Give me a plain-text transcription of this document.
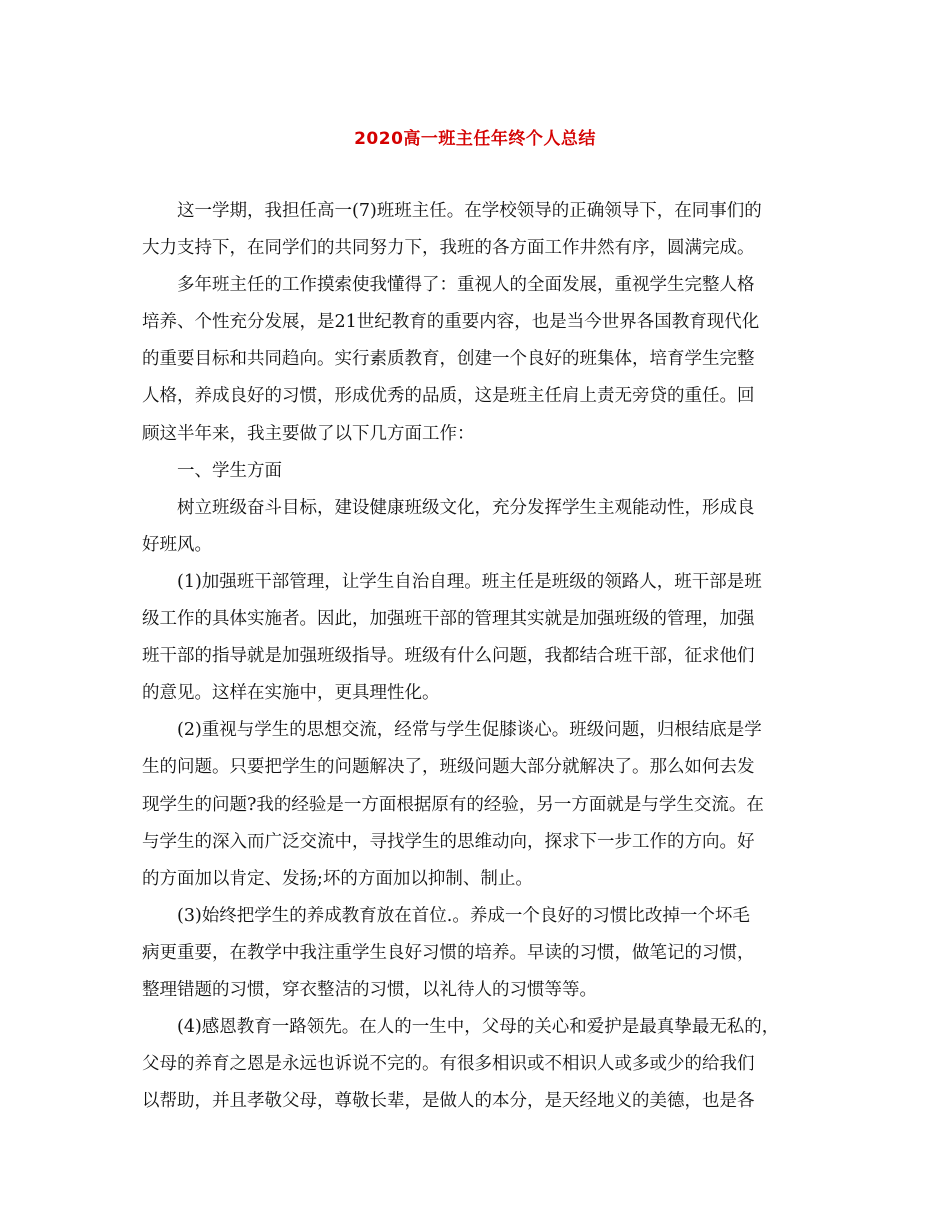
2020高一班主任年终个人总结
这一学期，我担任高一(7)班班主任。在学校领导的正确领导下，在同事们的
大力支持下，在同学们的共同努力下，我班的各方面工作井然有序，圆满完成。
多年班主任的工作摸索使我懂得了：重视人的全面发展，重视学生完整人格
培养、个性充分发展，是21世纪教育的重要内容，也是当今世界各国教育现代化
的重要目标和共同趋向。实行素质教育，创建一个良好的班集体，培育学生完整
人格，养成良好的习惯，形成优秀的品质，这是班主任肩上责无旁贷的重任。回
顾这半年来，我主要做了以下几方面工作：
一、学生方面
树立班级奋斗目标，建设健康班级文化，充分发挥学生主观能动性，形成良
好班风。
(1)加强班干部管理，让学生自治自理。班主任是班级的领路人，班干部是班
级工作的具体实施者。因此，加强班干部的管理其实就是加强班级的管理，加强
班干部的指导就是加强班级指导。班级有什么问题，我都结合班干部，征求他们
的意见。这样在实施中，更具理性化。
(2)重视与学生的思想交流，经常与学生促膝谈心。班级问题，归根结底是学
生的问题。只要把学生的问题解决了，班级问题大部分就解决了。那么如何去发
现学生的问题?我的经验是一方面根据原有的经验，另一方面就是与学生交流。在
与学生的深入而广泛交流中，寻找学生的思维动向，探求下一步工作的方向。好
的方面加以肯定、发扬;坏的方面加以抑制、制止。
(3)始终把学生的养成教育放在首位.。养成一个良好的习惯比改掉一个坏毛
病更重要，在教学中我注重学生良好习惯的培养。早读的习惯，做笔记的习惯，
整理错题的习惯，穿衣整洁的习惯，以礼待人的习惯等等。
(4)感恩教育一路领先。在人的一生中，父母的关心和爱护是最真挚最无私的，
父母的养育之恩是永远也诉说不完的。有很多相识或不相识人或多或少的给我们
以帮助，并且孝敬父母，尊敬长辈，是做人的本分，是天经地义的美德，也是各
